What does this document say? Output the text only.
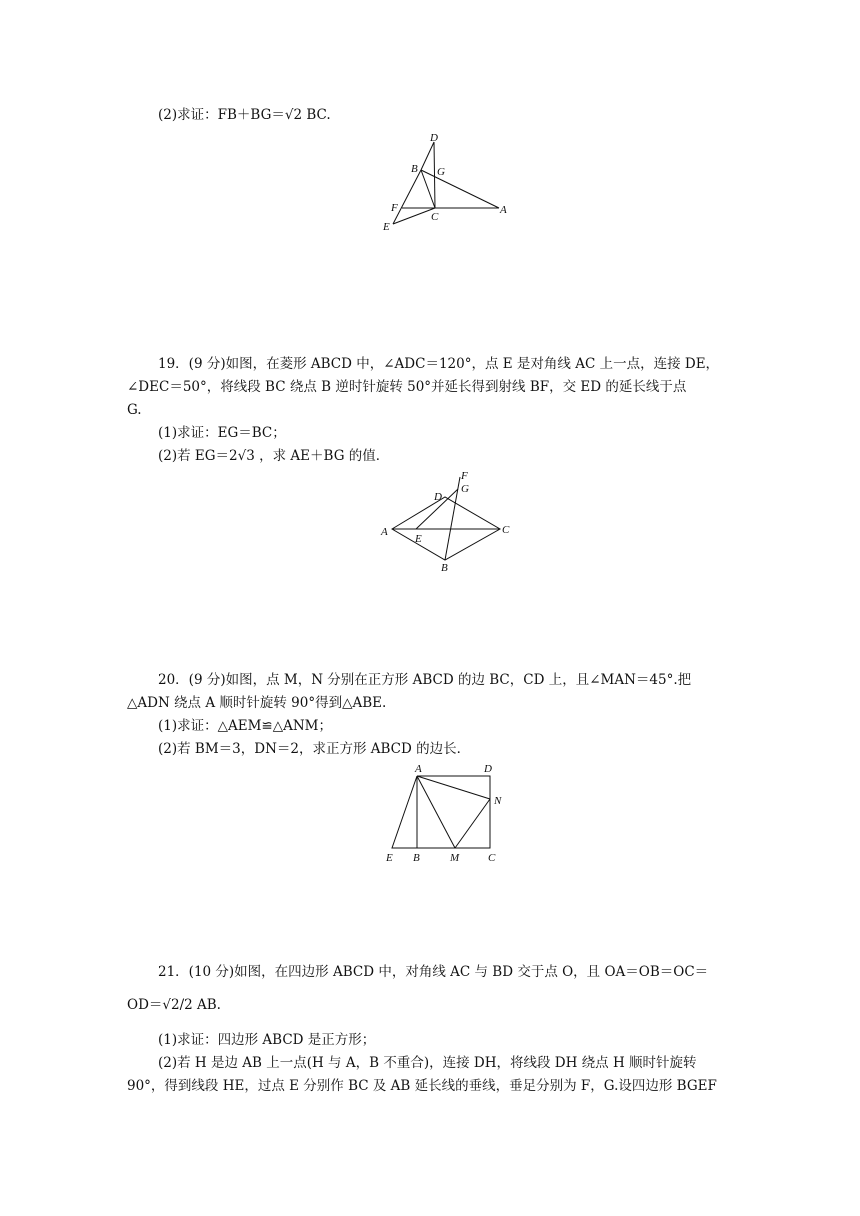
(2)求证：FB＋BG＝√2 BC.
D
B G
F
C
A
E
19．(9 分)如图，在菱形 ABCD 中，∠ADC＝120°，点 E 是对角线 AC 上一点，连接 DE，
∠DEC＝50°，将线段 BC 绕点 B 逆时针旋转 50°并延长得到射线 BF，交 ED 的延长线于点
G.
(1)求证：EG＝BC；
(2)若 EG＝2√3 ，求 AE＋BG 的值．
F
G
D
A
E
C
B
20．(9 分)如图，点 M，N 分别在正方形 ABCD 的边 BC，CD 上，且∠MAN＝45°.把
△ADN 绕点 A 顺时针旋转 90°得到△ABE.
(1)求证：△AEM≌△ANM；
(2)若 BM＝3，DN＝2，求正方形 ABCD 的边长．
A	D
N
E B	M	C
21．(10 分)如图，在四边形 ABCD 中，对角线 AC 与 BD 交于点 O，且 OA＝OB＝OC＝
OD＝√2/2 AB.
(1)求证：四边形 ABCD 是正方形；
(2)若 H 是边 AB 上一点(H 与 A，B 不重合)，连接 DH，将线段 DH 绕点 H 顺时针旋转
90°，得到线段 HE，过点 E 分别作 BC 及 AB 延长线的垂线，垂足分别为 F，G.设四边形 BGEF
